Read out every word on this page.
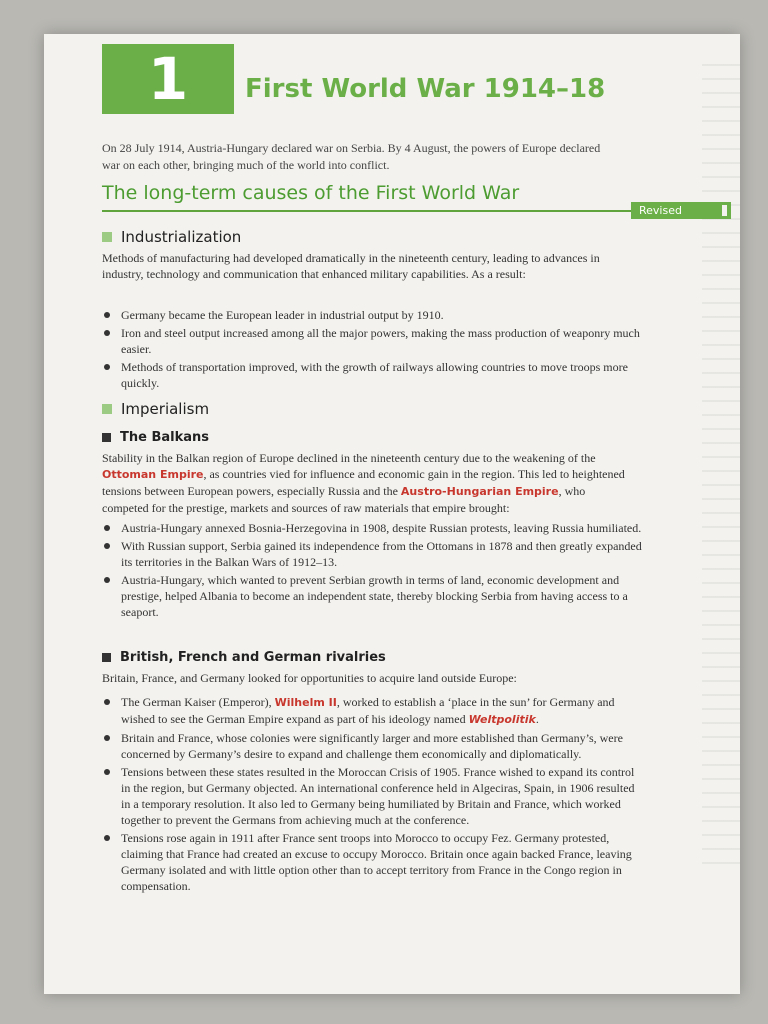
1	First World War 1914–18
On 28 July 1914, Austria-Hungary declared war on Serbia. By 4 August, the powers of Europe declared war on each other, bringing much of the world into conflict.
The long-term causes of the First World War
Revised
Industrialization
Methods of manufacturing had developed dramatically in the nineteenth century, leading to advances in industry, technology and communication that enhanced military capabilities. As a result:
Germany became the European leader in industrial output by 1910.
Iron and steel output increased among all the major powers, making the mass production of weaponry much easier.
Methods of transportation improved, with the growth of railways allowing countries to move troops more quickly.
Imperialism
The Balkans
Stability in the Balkan region of Europe declined in the nineteenth century due to the weakening of the Ottoman Empire, as countries vied for influence and economic gain in the region. This led to heightened tensions between European powers, especially Russia and the Austro-Hungarian Empire, who competed for the prestige, markets and sources of raw materials that empire brought:
Austria-Hungary annexed Bosnia-Herzegovina in 1908, despite Russian protests, leaving Russia humiliated.
With Russian support, Serbia gained its independence from the Ottomans in 1878 and then greatly expanded its territories in the Balkan Wars of 1912–13.
Austria-Hungary, which wanted to prevent Serbian growth in terms of land, economic development and prestige, helped Albania to become an independent state, thereby blocking Serbia from having access to a seaport.
British, French and German rivalries
Britain, France, and Germany looked for opportunities to acquire land outside Europe:
The German Kaiser (Emperor), Wilhelm II, worked to establish a ‘place in the sun’ for Germany and wished to see the German Empire expand as part of his ideology named Weltpolitik.
Britain and France, whose colonies were significantly larger and more established than Germany’s, were concerned by Germany’s desire to expand and challenge them economically and diplomatically.
Tensions between these states resulted in the Moroccan Crisis of 1905. France wished to expand its control in the region, but Germany objected. An international conference held in Algeciras, Spain, in 1906 resulted in a temporary resolution. It also led to Germany being humiliated by Britain and France, which worked together to prevent the Germans from achieving much at the conference.
Tensions rose again in 1911 after France sent troops into Morocco to occupy Fez. Germany protested, claiming that France had created an excuse to occupy Morocco. Britain once again backed France, leaving Germany isolated and with little option other than to accept territory from France in the Congo region in compensation.
